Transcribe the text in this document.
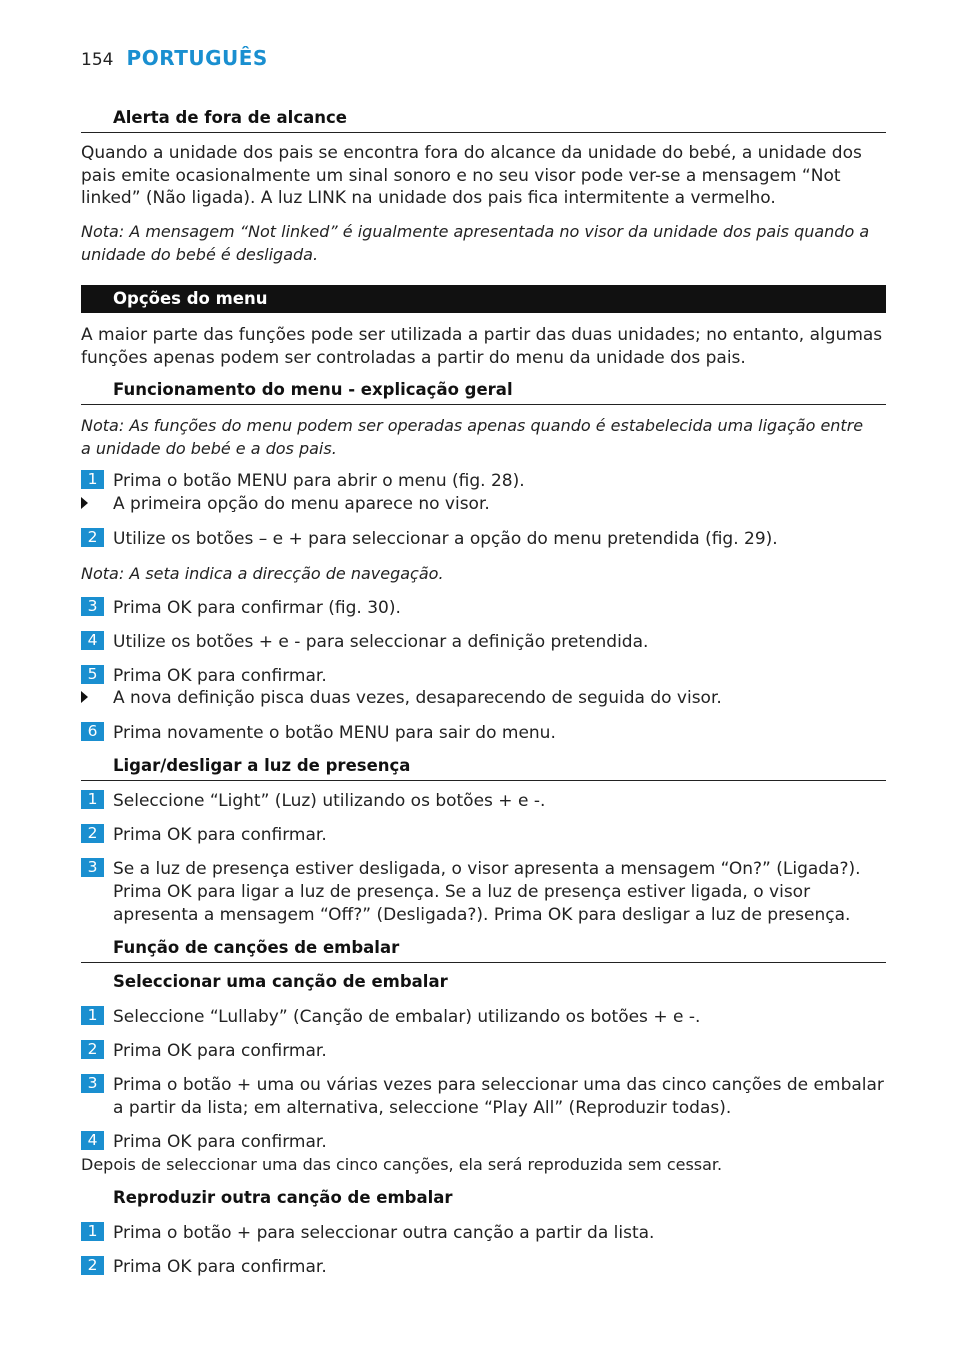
154 PORTUGUÊS
Alerta de fora de alcance
Quando a unidade dos pais se encontra fora do alcance da unidade do bebé, a unidade dos pais emite ocasionalmente um sinal sonoro e no seu visor pode ver-se a mensagem “Not linked” (Não ligada). A luz LINK na unidade dos pais fica intermitente a vermelho.
Nota: A mensagem “Not linked” é igualmente apresentada no visor da unidade dos pais quando a unidade do bebé é desligada.
Opções do menu
A maior parte das funções pode ser utilizada a partir das duas unidades; no entanto, algumas funções apenas podem ser controladas a partir do menu da unidade dos pais.
Funcionamento do menu - explicação geral
Nota: As funções do menu podem ser operadas apenas quando é estabelecida uma ligação entre a unidade do bebé e a dos pais.
1 Prima o botão MENU para abrir o menu (fig. 28).
A primeira opção do menu aparece no visor.
2 Utilize os botões – e + para seleccionar a opção do menu pretendida (fig. 29).
Nota: A seta indica a direcção de navegação.
3 Prima OK para confirmar (fig. 30).
4 Utilize os botões + e - para seleccionar a definição pretendida.
5 Prima OK para confirmar.
A nova definição pisca duas vezes, desaparecendo de seguida do visor.
6 Prima novamente o botão MENU para sair do menu.
Ligar/desligar a luz de presença
1 Seleccione “Light” (Luz) utilizando os botões + e -.
2 Prima OK para confirmar.
3 Se a luz de presença estiver desligada, o visor apresenta a mensagem “On?” (Ligada?). Prima OK para ligar a luz de presença. Se a luz de presença estiver ligada, o visor apresenta a mensagem “Off?” (Desligada?). Prima OK para desligar a luz de presença.
Função de canções de embalar
Seleccionar uma canção de embalar
1 Seleccione “Lullaby” (Canção de embalar) utilizando os botões + e -.
2 Prima OK para confirmar.
3 Prima o botão + uma ou várias vezes para seleccionar uma das cinco canções de embalar a partir da lista; em alternativa, seleccione “Play All” (Reproduzir todas).
4 Prima OK para confirmar.
Depois de seleccionar uma das cinco canções, ela será reproduzida sem cessar.
Reproduzir outra canção de embalar
1 Prima o botão + para seleccionar outra canção a partir da lista.
2 Prima OK para confirmar.
